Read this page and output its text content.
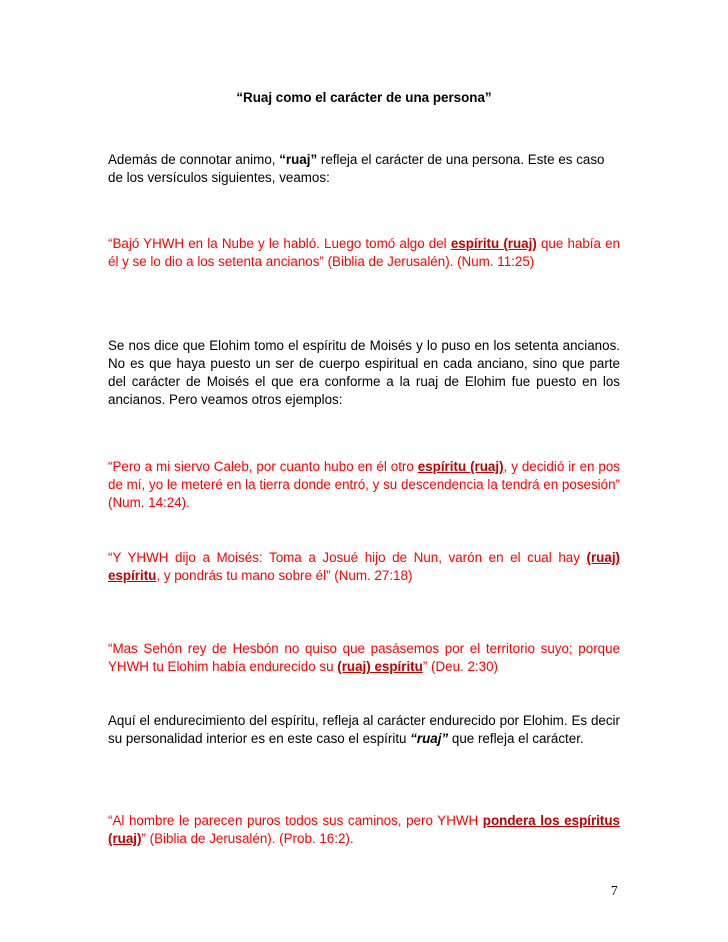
“Ruaj como el carácter de una persona”
Además de connotar animo, “ruaj” refleja el carácter de una persona. Este es caso de los versículos siguientes, veamos:
“Bajó YHWH en la Nube y le habló. Luego tomó algo del espíritu (ruaj) que había en él y se lo dio a los setenta ancianos” (Biblia de Jerusalén). (Num. 11:25)
Se nos dice que Elohim tomo el espíritu de Moisés y lo puso en los setenta ancianos. No es que haya puesto un ser de cuerpo espiritual en cada anciano, sino que parte del carácter de Moisés el que era conforme a la ruaj de Elohim fue puesto en los ancianos. Pero veamos otros ejemplos:
“Pero a mi siervo Caleb, por cuanto hubo en él otro espíritu (ruaj), y decidió ir en pos de mí, yo le meteré en la tierra donde entró, y su descendencia la tendrá en posesión” (Num. 14:24).
“Y YHWH dijo a Moisés: Toma a Josué hijo de Nun, varón en el cual hay (ruaj) espíritu, y pondrás tu mano sobre él” (Num. 27:18)
“Mas Sehón rey de Hesbón no quiso que pasásemos por el territorio suyo; porque YHWH tu Elohim había endurecido su (ruaj) espíritu” (Deu. 2:30)
Aquí el endurecimiento del espíritu, refleja al carácter endurecido por Elohim. Es decir su personalidad interior es en este caso el espíritu “ruaj” que refleja el carácter.
“Al hombre le parecen puros todos sus caminos, pero YHWH pondera los espíritus (ruaj)” (Biblia de Jerusalén). (Prob. 16:2).
7
